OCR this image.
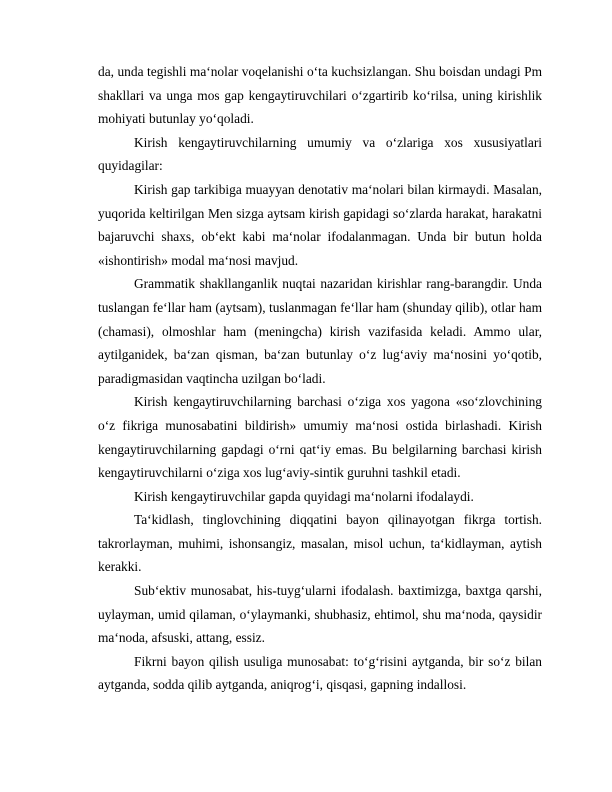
da, unda tegishli ma‘nolar voqelanishi o‘ta kuchsizlangan. Shu boisdan undagi Pm shakllari va unga mos gap kengaytiruvchilari o‘zgartirib ko‘rilsa, uning kirishlik mohiyati butunlay yo‘qoladi.

Kirish kengaytiruvchilarning umumiy va o‘zlariga xos xususiyatlari quyidagilar:

Kirish gap tarkibiga muayyan denotativ ma‘nolari bilan kirmaydi. Masalan, yuqorida keltirilgan Men sizga aytsam kirish gapidagi so‘zlarda harakat, harakatni bajaruvchi shaxs, ob‘ekt kabi ma‘nolar ifodalanmagan. Unda bir butun holda «ishontirish» modal ma‘nosi mavjud.

Grammatik shakllanganlik nuqtai nazaridan kirishlar rang-barangdir. Unda tuslangan fe‘llar ham (aytsam), tuslanmagan fe‘llar ham (shunday qilib), otlar ham (chamasi), olmoshlar ham (meningcha) kirish vazifasida keladi. Ammo ular, aytilganidek, ba‘zan qisman, ba‘zan butunlay o‘z lug‘aviy ma‘nosini yo‘qotib, paradigmasidan vaqtincha uzilgan bo‘ladi.

Kirish kengaytiruvchilarning barchasi o‘ziga xos yagona «so‘zlovchining o‘z fikriga munosabatini bildirish» umumiy ma‘nosi ostida birlashadi. Kirish kengaytiruvchilarning gapdagi o‘rni qat‘iy emas. Bu belgilarning barchasi kirish kengaytiruvchilarni o‘ziga xos lug‘aviy-sintik guruhni tashkil etadi.

Kirish kengaytiruvchilar gapda quyidagi ma‘nolarni ifodalaydi.

Ta‘kidlash, tinglovchining diqqatini bayon qilinayotgan fikrga tortish. takrorlayman, muhimi, ishonsangiz, masalan, misol uchun, ta‘kidlayman, aytish kerakki.

Sub‘ektiv munosabat, his-tuyg‘ularni ifodalash. baxtimizga, baxtga qarshi, uylayman, umid qilaman, o‘ylaymanki, shubhasiz, ehtimol, shu ma‘noda, qaysidir ma‘noda, afsuski, attang, essiz.

Fikrni bayon qilish usuliga munosabat: to‘g‘risini aytganda, bir so‘z bilan aytganda, sodda qilib aytganda, aniqrog‘i, qisqasi, gapning indallosi.
